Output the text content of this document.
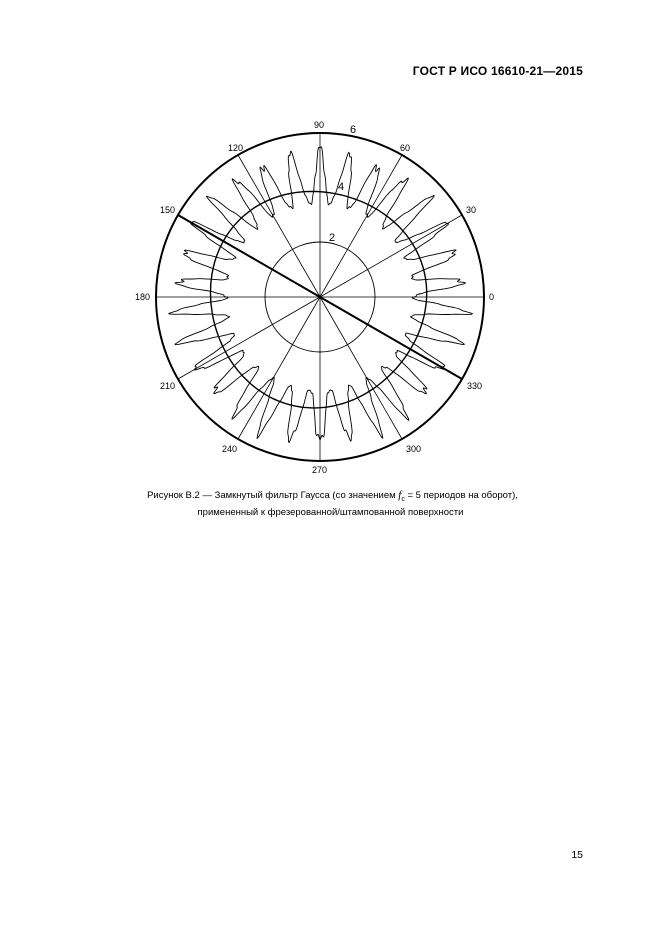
ГОСТ Р ИСО 16610-21—2015
0
30
60
90
120
150
180
210
240
270
300
330
2
4
6
Рисунок В.2 — Замкнутый фильтр Гаусса (со значением $f_c = 5$ периодов на оборот),
примененный к фрезерованной/штампованной поверхности
15
